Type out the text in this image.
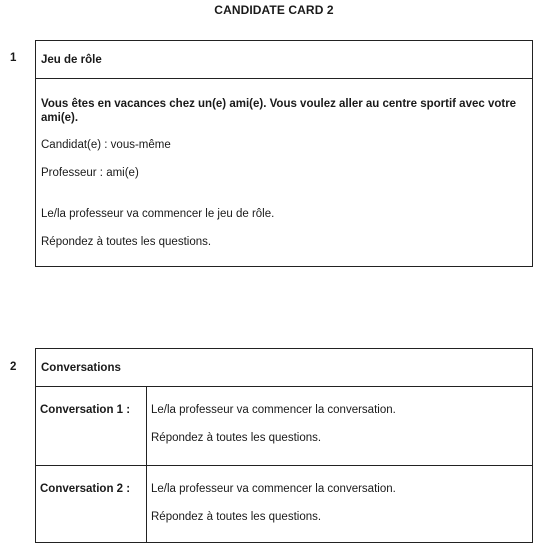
CANDIDATE CARD 2
1	Jeu de rôle
Vous êtes en vacances chez un(e) ami(e). Vous voulez aller au centre sportif avec votre ami(e).
Candidat(e) : vous-même
Professeur : ami(e)
Le/la professeur va commencer le jeu de rôle.
Répondez à toutes les questions.
2	Conversations
Conversation 1 :	Le/la professeur va commencer la conversation.
Répondez à toutes les questions.
Conversation 2 :	Le/la professeur va commencer la conversation.
Répondez à toutes les questions.
